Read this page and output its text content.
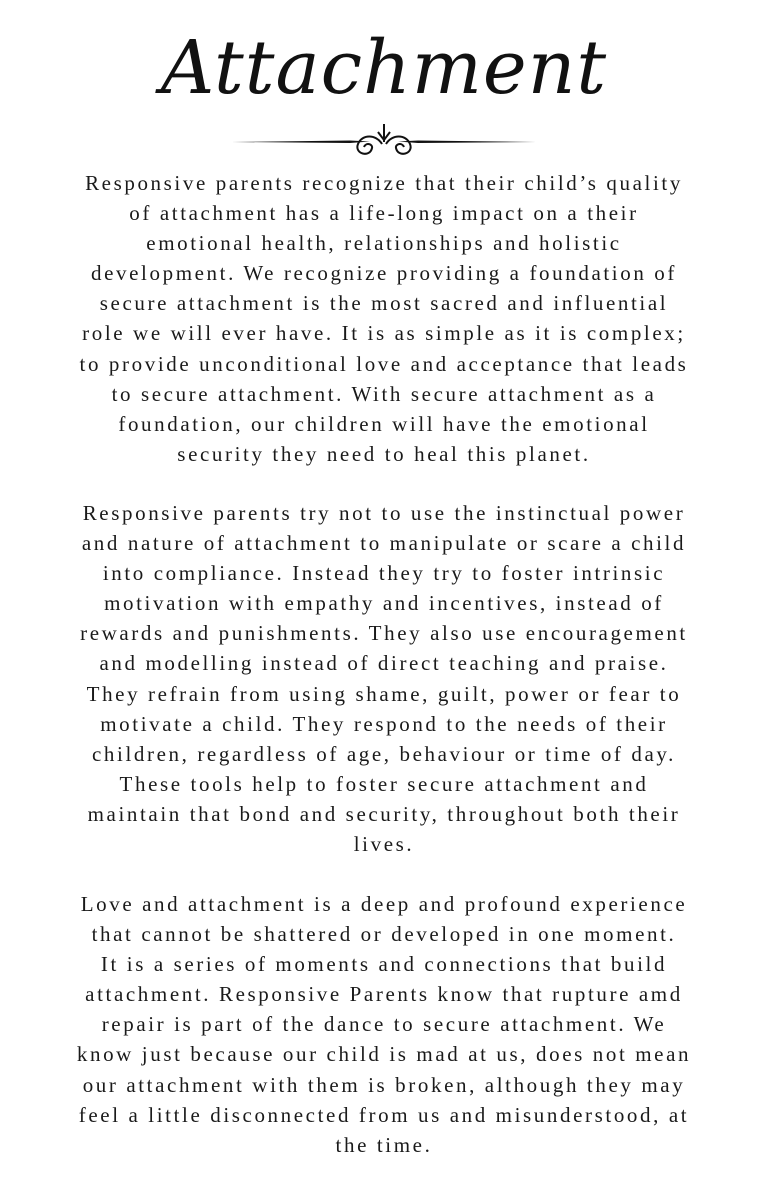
Attachment
Responsive parents recognize that their child’s quality
of attachment has a life-long impact on a their
emotional health, relationships and holistic
development. We recognize providing a foundation of
secure attachment is the most sacred and influential
role we will ever have. It is as simple as it is complex;
to provide unconditional love and acceptance that leads
to secure attachment. With secure attachment as a
foundation, our children will have the emotional
security they need to heal this planet.
Responsive parents try not to use the instinctual power
and nature of attachment to manipulate or scare a child
into compliance. Instead they try to foster intrinsic
motivation with empathy and incentives, instead of
rewards and punishments. They also use encouragement
and modelling instead of direct teaching and praise.
They refrain from using shame, guilt, power or fear to
motivate a child. They respond to the needs of their
children, regardless of age, behaviour or time of day.
These tools help to foster secure attachment and
maintain that bond and security, throughout both their
lives.
Love and attachment is a deep and profound experience
that cannot be shattered or developed in one moment.
It is a series of moments and connections that build
attachment. Responsive Parents know that rupture amd
repair is part of the dance to secure attachment. We
know just because our child is mad at us, does not mean
our attachment with them is broken, although they may
feel a little disconnected from us and misunderstood, at
the time.
